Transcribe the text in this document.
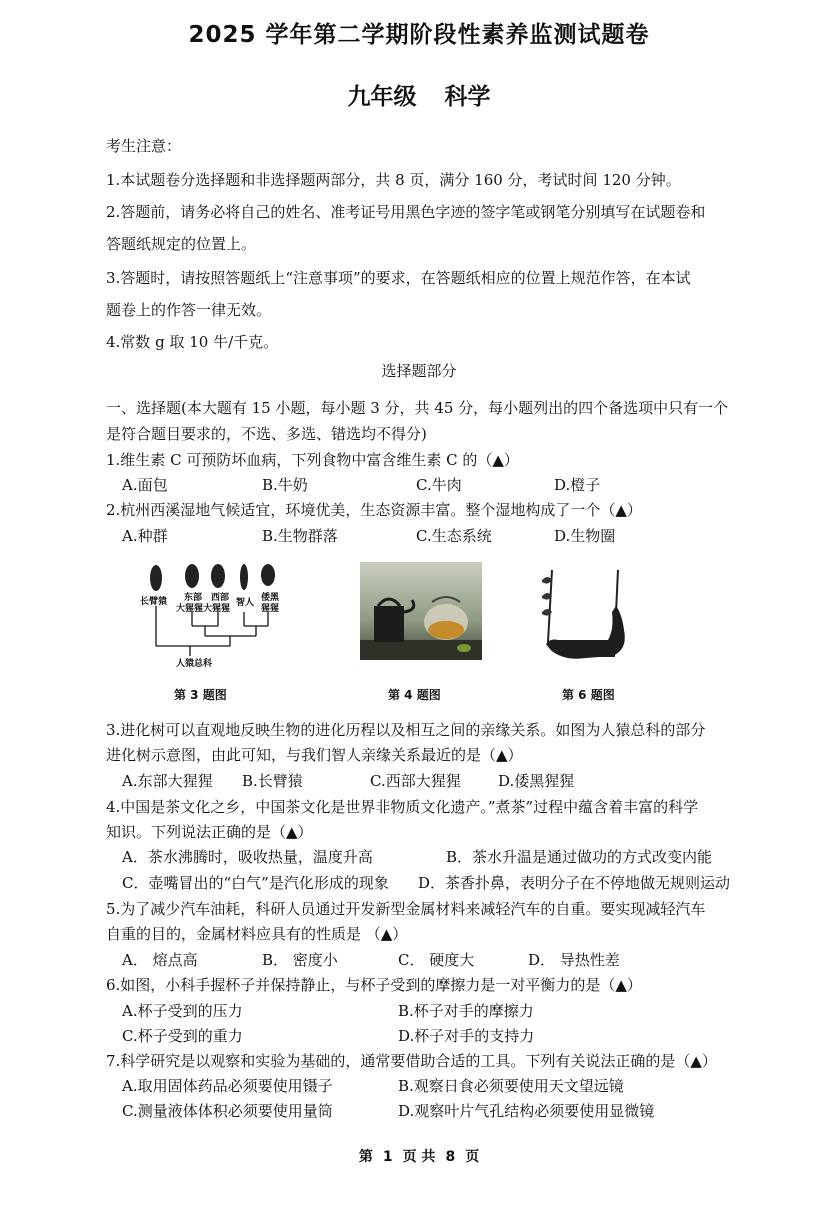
2025 学年第二学期阶段性素养监测试题卷
九年级 科学
考生注意：
1.本试题卷分选择题和非选择题两部分，共 8 页，满分 160 分，考试时间 120 分钟。
2.答题前，请务必将自己的姓名、准考证号用黑色字迹的签字笔或钢笔分别填写在试题卷和
答题纸规定的位置上。
3.答题时，请按照答题纸上“注意事项”的要求，在答题纸相应的位置上规范作答，在本试
题卷上的作答一律无效。
4.常数 g 取 10 牛/千克。
选择题部分
一、选择题(本大题有 15 小题，每小题 3 分，共 45 分，每小题列出的四个备选项中只有一个
是符合题目要求的，不选、多选、错选均不得分)
1.维生素 C 可预防坏血病，下列食物中富含维生素 C 的（▲）
A.面包	B.牛奶	C.牛肉	D.橙子
2.杭州西溪湿地气候适宜，环境优美，生态资源丰富。整个湿地构成了一个（▲）
A.种群	B.生物群落	C.生态系统	D.生物圈
长臂猿 东部
大猩猩
西部
大猩猩
智人 倭黑
猩猩
人猿总科
第 3 题图	第 4 题图	第 6 题图
3.进化树可以直观地反映生物的进化历程以及相互之间的亲缘关系。如图为人猿总科的部分
进化树示意图，由此可知，与我们智人亲缘关系最近的是（▲）
A.东部大猩猩 B.长臂猿	C.西部大猩猩 D.倭黑猩猩
4.中国是茶文化之乡，中国茶文化是世界非物质文化遗产。”煮茶”过程中蕴含着丰富的科学
知识。下列说法正确的是（▲）
A．茶水沸腾时，吸收热量，温度升高	B．茶水升温是通过做功的方式改变内能
C．壶嘴冒出的“白气”是汽化形成的现象 D．茶香扑鼻，表明分子在不停地做无规则运动
5.为了减少汽车油耗，科研人员通过开发新型金属材料来减轻汽车的自重。要实现减轻汽车
自重的目的，金属材料应具有的性质是 （▲）
A． 熔点高	B． 密度小	C． 硬度大	D． 导热性差
6.如图，小科手握杯子并保持静止，与杯子受到的摩擦力是一对平衡力的是（▲）
A.杯子受到的压力	B.杯子对手的摩擦力
C.杯子受到的重力	D.杯子对手的支持力
7.科学研究是以观察和实验为基础的，通常要借助合适的工具。下列有关说法正确的是（▲）
A.取用固体药品必须要使用镊子	B.观察日食必须要使用天文望远镜
C.测量液体体积必须要使用量筒	D.观察叶片气孔结构必须要使用显微镜
第 1 页 共 8 页
